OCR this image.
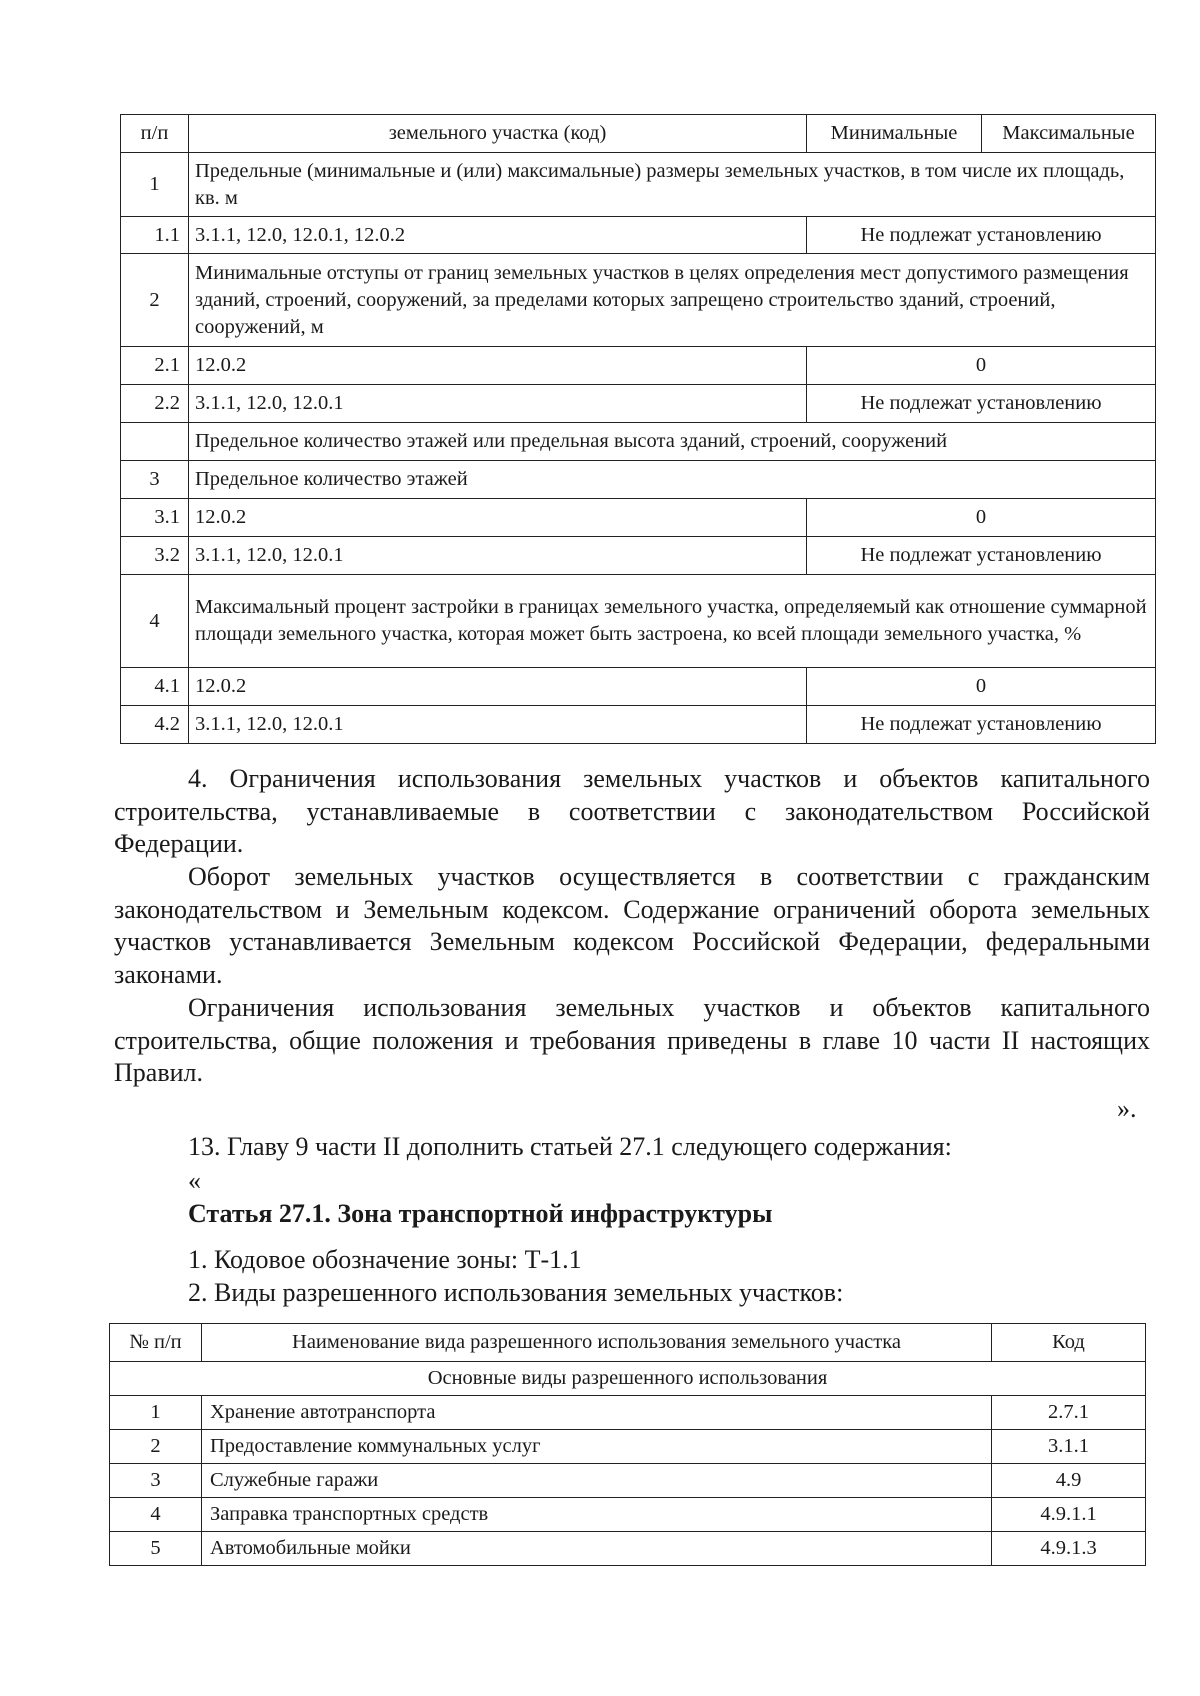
п/п	земельного участка (код)	Минимальные	Максимальные
1	Предельные (минимальные и (или) максимальные) размеры земельных участков, в том числе их площадь, кв. м		
1.1	3.1.1, 12.0, 12.0.1, 12.0.2	Не подлежат установлению	
2	Минимальные отступы от границ земельных участков в целях определения мест допустимого размещения зданий, строений, сооружений, за пределами которых запрещено строительство зданий, строений, сооружений, м		
2.1	12.0.2	0	
2.2	3.1.1, 12.0, 12.0.1	Не подлежат установлению	
	Предельное количество этажей или предельная высота зданий, строений, сооружений		
3	Предельное количество этажей		
3.1	12.0.2	0	
3.2	3.1.1, 12.0, 12.0.1	Не подлежат установлению	
4	Максимальный процент застройки в границах земельного участка, определяемый как отношение суммарной площади земельного участка, которая может быть застроена, ко всей площади земельного участка, %		
4.1	12.0.2	0	
4.2	3.1.1, 12.0, 12.0.1	Не подлежат установлению	
4. Ограничения использования земельных участков и объектов капитального строительства, устанавливаемые в соответствии с законодательством Российской Федерации.
Оборот земельных участков осуществляется в соответствии с гражданским законодательством и Земельным кодексом. Содержание ограничений оборота земельных участков устанавливается Земельным кодексом Российской Федерации, федеральными законами.
Ограничения использования земельных участков и объектов капитального строительства, общие положения и требования приведены в главе 10 части II настоящих Правил.
».
13. Главу 9 части II дополнить статьей 27.1 следующего содержания:
«
Статья 27.1. Зона транспортной инфраструктуры
1. Кодовое обозначение зоны: Т-1.1
2. Виды разрешенного использования земельных участков:
№ п/п	Наименование вида разрешенного использования земельного участка	Код
Основные виды разрешенного использования		
1	Хранение автотранспорта	2.7.1
2	Предоставление коммунальных услуг	3.1.1
3	Служебные гаражи	4.9
4	Заправка транспортных средств	4.9.1.1
5	Автомобильные мойки	4.9.1.3
